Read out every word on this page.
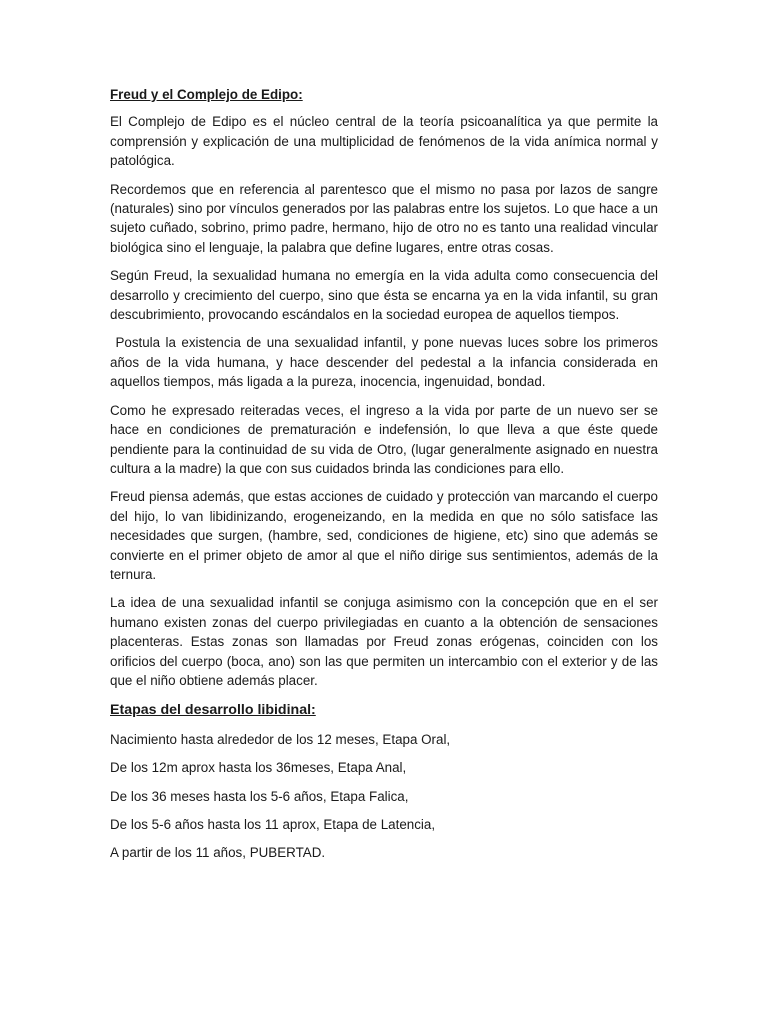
Freud y el Complejo de Edipo:

El Complejo de Edipo es el núcleo central de la teoría psicoanalítica ya que permite la comprensión y explicación de una multiplicidad de fenómenos de la vida anímica normal y patológica.

Recordemos que en referencia al parentesco que el mismo no pasa por lazos de sangre (naturales) sino por vínculos generados por las palabras entre los sujetos. Lo que hace a un sujeto cuñado, sobrino, primo padre, hermano, hijo de otro no es tanto una realidad vincular biológica sino el lenguaje, la palabra que define lugares, entre otras cosas.

Según Freud, la sexualidad humana no emergía en la vida adulta como consecuencia del desarrollo y crecimiento del cuerpo, sino que ésta se encarna ya en la vida infantil, su gran descubrimiento, provocando escándalos en la sociedad europea de aquellos tiempos.

Postula la existencia de una sexualidad infantil, y pone nuevas luces sobre los primeros años de la vida humana, y hace descender del pedestal a la infancia considerada en aquellos tiempos, más ligada a la pureza, inocencia, ingenuidad, bondad.

Como he expresado reiteradas veces, el ingreso a la vida por parte de un nuevo ser se hace en condiciones de prematuración e indefensión, lo que lleva a que éste quede pendiente para la continuidad de su vida de Otro, (lugar generalmente asignado en nuestra cultura a la madre) la que con sus cuidados brinda las condiciones para ello.

Freud piensa además, que estas acciones de cuidado y protección van marcando el cuerpo del hijo, lo van libidinizando, erogeneizando, en la medida en que no sólo satisface las necesidades que surgen, (hambre, sed, condiciones de higiene, etc) sino que además se convierte en el primer objeto de amor al que el niño dirige sus sentimientos, además de la ternura.

La idea de una sexualidad infantil se conjuga asimismo con la concepción que en el ser humano existen zonas del cuerpo privilegiadas en cuanto a la obtención de sensaciones placenteras. Estas zonas son llamadas por Freud zonas erógenas, coinciden con los orificios del cuerpo (boca, ano) son las que permiten un intercambio con el exterior y de las que el niño obtiene además placer.

Etapas del desarrollo libidinal:

Nacimiento hasta alrededor de los 12 meses, Etapa Oral,

De los 12m aprox hasta los 36meses, Etapa Anal,

De los 36 meses hasta los 5-6 años, Etapa Falica,

De los 5-6 años hasta los 11 aprox, Etapa de Latencia,

A partir de los 11 años, PUBERTAD.
